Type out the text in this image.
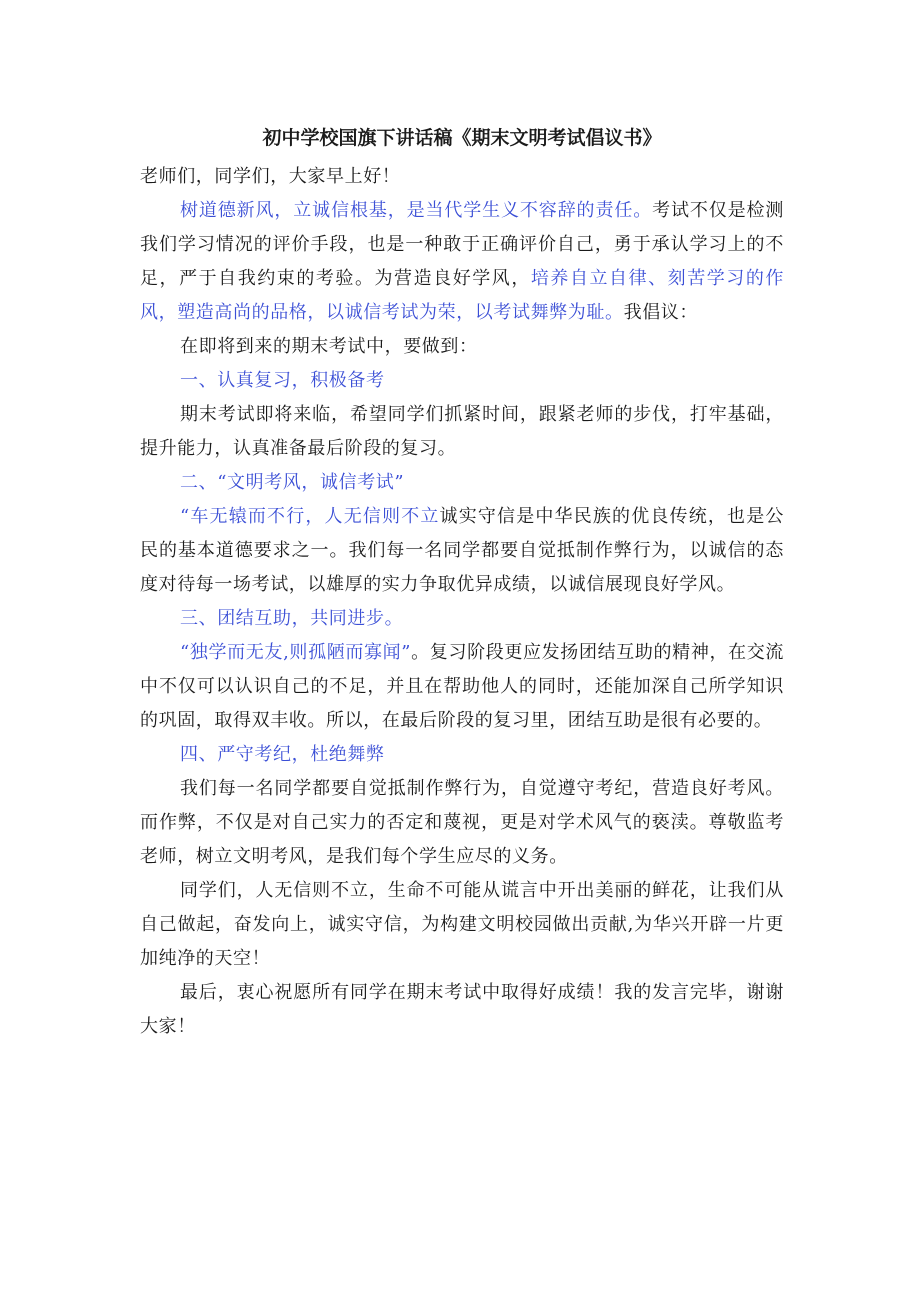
初中学校国旗下讲话稿《期末文明考试倡议书》

老师们，同学们，大家早上好！

树道德新风，立诚信根基，是当代学生义不容辞的责任。考试不仅是检测我们学习情况的评价手段，也是一种敢于正确评价自己，勇于承认学习上的不足，严于自我约束的考验。为营造良好学风，培养自立自律、刻苦学习的作风，塑造高尚的品格，以诚信考试为荣，以考试舞弊为耻。我倡议：

在即将到来的期末考试中，要做到：

一、认真复习，积极备考

期末考试即将来临，希望同学们抓紧时间，跟紧老师的步伐，打牢基础，提升能力，认真准备最后阶段的复习。

二、“文明考风，诚信考试”

“车无辕而不行，人无信则不立诚实守信是中华民族的优良传统，也是公民的基本道德要求之一。我们每一名同学都要自觉抵制作弊行为，以诚信的态度对待每一场考试，以雄厚的实力争取优异成绩，以诚信展现良好学风。

三、团结互助，共同进步。

“独学而无友,则孤陋而寡闻”。复习阶段更应发扬团结互助的精神，在交流中不仅可以认识自己的不足，并且在帮助他人的同时，还能加深自己所学知识的巩固，取得双丰收。所以，在最后阶段的复习里，团结互助是很有必要的。

四、严守考纪，杜绝舞弊

我们每一名同学都要自觉抵制作弊行为，自觉遵守考纪，营造良好考风。而作弊，不仅是对自己实力的否定和蔑视，更是对学术风气的亵渎。尊敬监考老师，树立文明考风，是我们每个学生应尽的义务。

同学们，人无信则不立，生命不可能从谎言中开出美丽的鲜花，让我们从自己做起，奋发向上，诚实守信，为构建文明校园做出贡献,为华兴开辟一片更加纯净的天空！

最后，衷心祝愿所有同学在期末考试中取得好成绩！我的发言完毕，谢谢大家！
